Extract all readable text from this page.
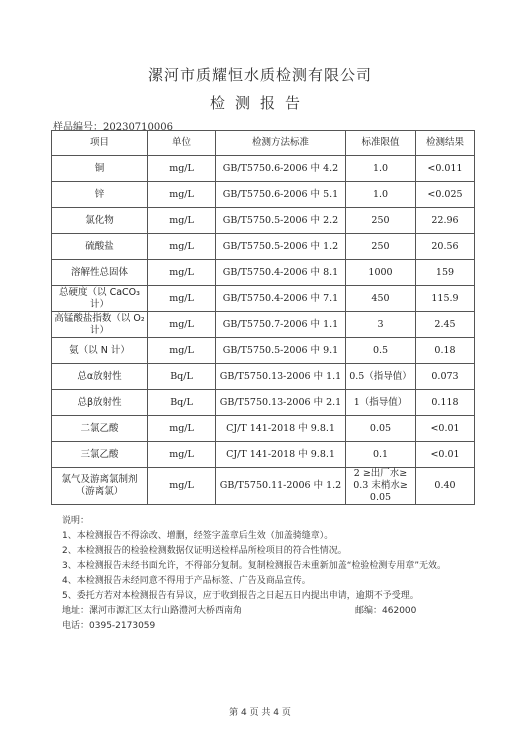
漯河市质耀恒水质检测有限公司
检测报告
样品编号：20230710006
项目	单位	检测方法标准	标准限值	检测结果
铜	mg/L	GB/T5750.6-2006 中 4.2	1.0	<0.011
锌	mg/L	GB/T5750.6-2006 中 5.1	1.0	<0.025
氯化物	mg/L	GB/T5750.5-2006 中 2.2	250	22.96
硫酸盐	mg/L	GB/T5750.5-2006 中 1.2	250	20.56
溶解性总固体	mg/L	GB/T5750.4-2006 中 8.1	1000	159
总硬度（以 CaCO₃ 计）	mg/L	GB/T5750.4-2006 中 7.1	450	115.9
高锰酸盐指数（以 O₂ 计）	mg/L	GB/T5750.7-2006 中 1.1	3	2.45
氨（以 N 计）	mg/L	GB/T5750.5-2006 中 9.1	0.5	0.18
总α放射性	Bq/L	GB/T5750.13-2006 中 1.1	0.5（指导值）	0.073
总β放射性	Bq/L	GB/T5750.13-2006 中 2.1	1（指导值）	0.118
二氯乙酸	mg/L	CJ/T 141-2018 中 9.8.1	0.05	<0.01
三氯乙酸	mg/L	CJ/T 141-2018 中 9.8.1	0.1	<0.01
氯气及游离氯制剂（游离氯）	mg/L	GB/T5750.11-2006 中 1.2	2 ≥出厂水≥ 0.3 末梢水≥ 0.05	0.40
说明：
1、本检测报告不得涂改、增删，经签字盖章后生效（加盖骑缝章）。
2、本检测报告的检验检测数据仅证明送检样品所检项目的符合性情况。
3、本检测报告未经书面允许，不得部分复制。复制检测报告未重新加盖“检验检测专用章”无效。
4、本检测报告未经同意不得用于产品标签、广告及商品宣传。
5、委托方若对本检测报告有异议，应于收到报告之日起五日内提出申请，逾期不予受理。
地址：漯河市源汇区太行山路澧河大桥西南角	邮编：462000
电话：0395-2173059
第 4 页 共 4 页
